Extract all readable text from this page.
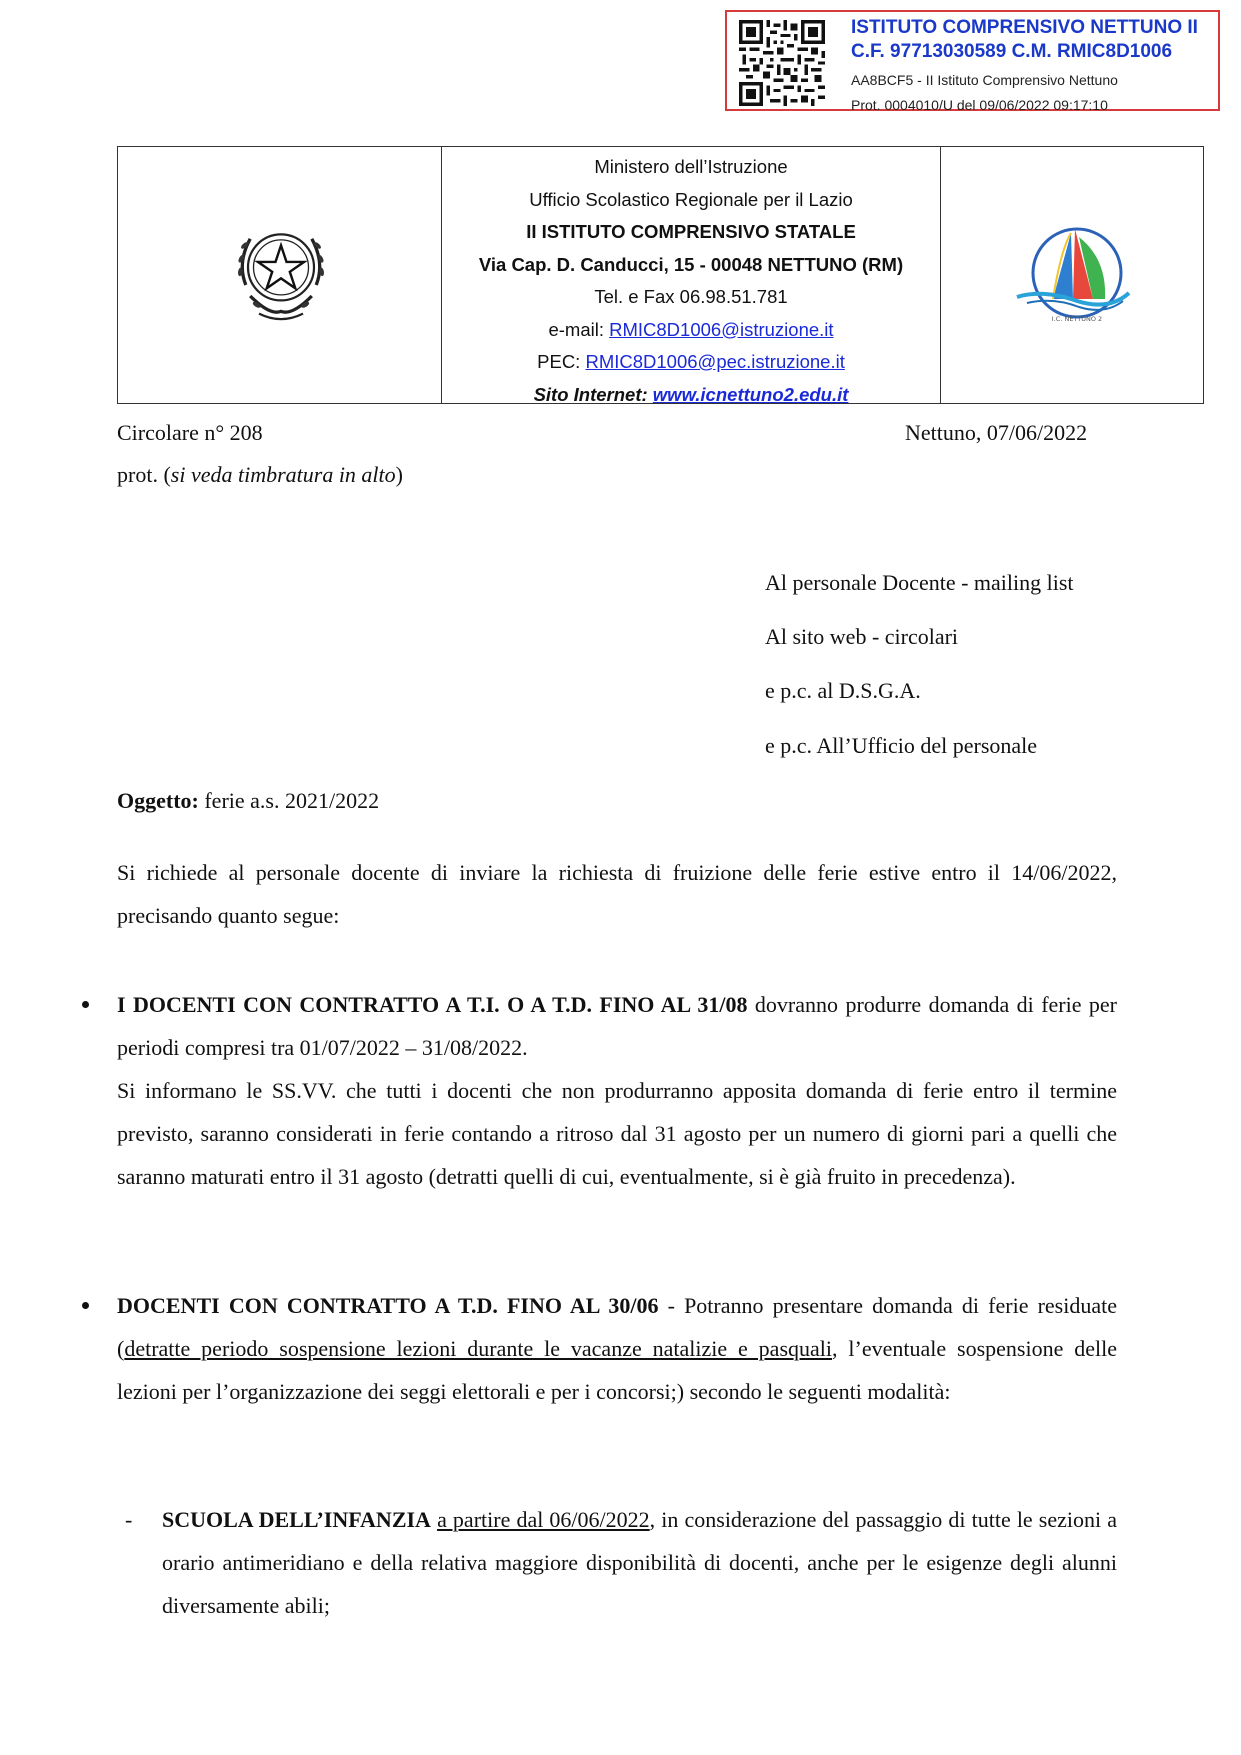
ISTITUTO COMPRENSIVO NETTUNO II
C.F. 97713030589 C.M. RMIC8D1006
AA8BCF5 - II Istituto Comprensivo Nettuno
Prot. 0004010/U del 09/06/2022 09:17:10
Ministero dell’Istruzione
Ufficio Scolastico Regionale per il Lazio
II ISTITUTO COMPRENSIVO STATALE
Via Cap. D. Canducci, 15 - 00048 NETTUNO (RM)
Tel. e Fax 06.98.51.781
e-mail: RMIC8D1006@istruzione.it
PEC: RMIC8D1006@pec.istruzione.it
Sito Internet: www.icnettuno2.edu.it
I.C. NETTUNO 2
Circolare n° 208	Nettuno, 07/06/2022
prot. (si veda timbratura in alto)
Al personale Docente - mailing list
Al sito web - circolari
e p.c. al D.S.G.A.
e p.c. All’Ufficio del personale
Oggetto: ferie a.s. 2021/2022
Si richiede al personale docente di inviare la richiesta di fruizione delle ferie estive entro il 14/06/2022, precisando quanto segue:
I DOCENTI CON CONTRATTO A T.I. O A T.D. FINO AL 31/08 dovranno produrre domanda di ferie per periodi compresi tra 01/07/2022 – 31/08/2022.
Si informano le SS.VV. che tutti i docenti che non produrranno apposita domanda di ferie entro il termine previsto, saranno considerati in ferie contando a ritroso dal 31 agosto per un numero di giorni pari a quelli che saranno maturati entro il 31 agosto (detratti quelli di cui, eventualmente, si è già fruito in precedenza).
DOCENTI CON CONTRATTO A T.D. FINO AL 30/06 - Potranno presentare domanda di ferie residuate (detratte periodo sospensione lezioni durante le vacanze natalizie e pasquali, l’eventuale sospensione delle lezioni per l’organizzazione dei seggi elettorali e per i concorsi;) secondo le seguenti modalità:
- SCUOLA DELL’INFANZIA a partire dal 06/06/2022, in considerazione del passaggio di tutte le sezioni a orario antimeridiano e della relativa maggiore disponibilità di docenti, anche per le esigenze degli alunni diversamente abili;
